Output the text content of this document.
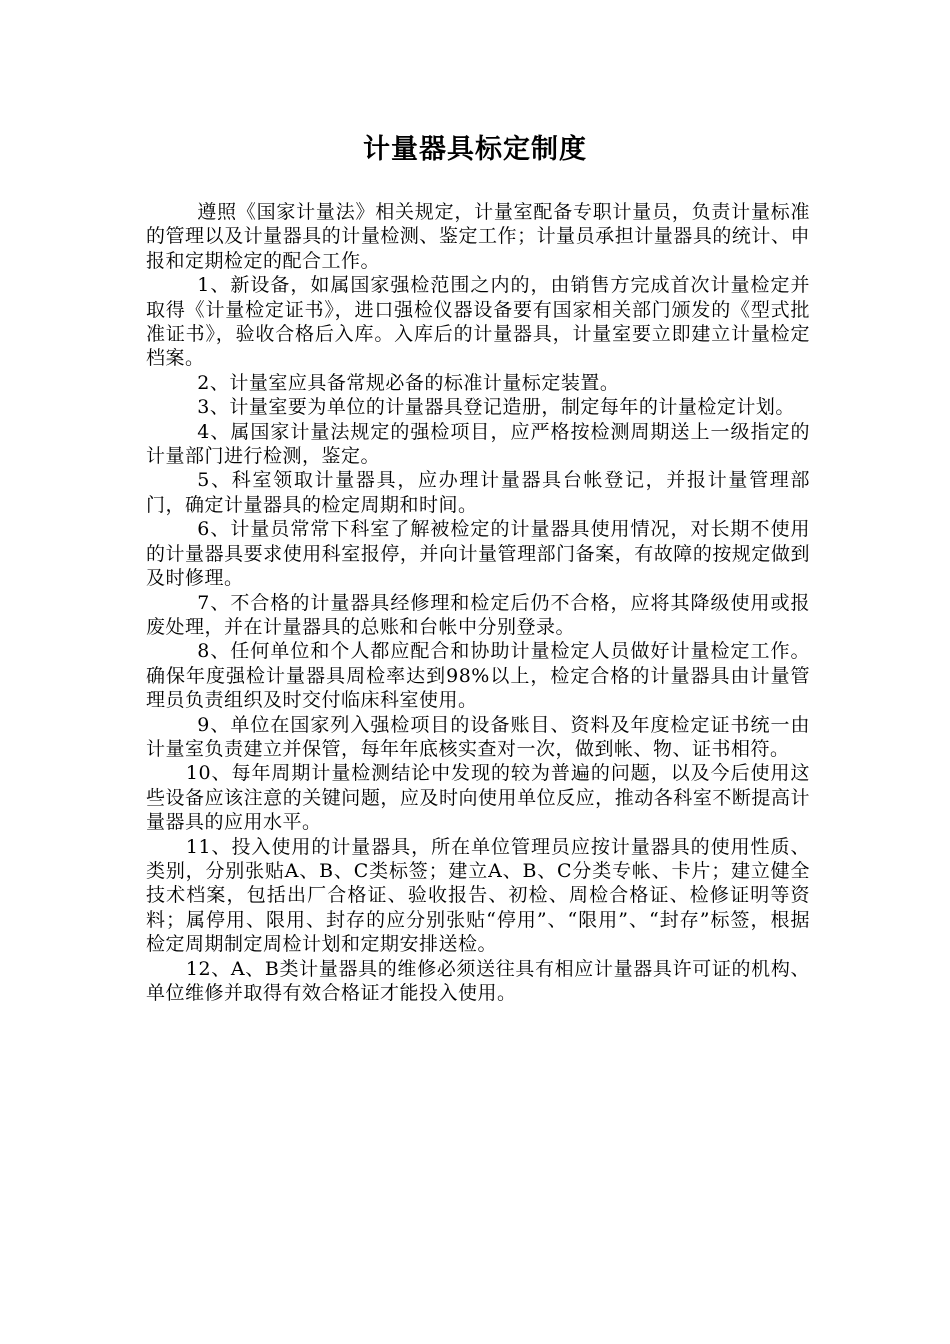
计量器具标定制度

遵照《国家计量法》相关规定，计量室配备专职计量员，负责计量标准的管理以及计量器具的计量检测、鉴定工作；计量员承担计量器具的统计、申报和定期检定的配合工作。

1、新设备，如属国家强检范围之内的，由销售方完成首次计量检定并取得《计量检定证书》，进口强检仪器设备要有国家相关部门颁发的《型式批准证书》，验收合格后入库。入库后的计量器具，计量室要立即建立计量检定档案。

2、计量室应具备常规必备的标准计量标定装置。

3、计量室要为单位的计量器具登记造册，制定每年的计量检定计划。

4、属国家计量法规定的强检项目，应严格按检测周期送上一级指定的计量部门进行检测，鉴定。

5、科室领取计量器具，应办理计量器具台帐登记，并报计量管理部门，确定计量器具的检定周期和时间。

6、计量员常常下科室了解被检定的计量器具使用情况，对长期不使用的计量器具要求使用科室报停，并向计量管理部门备案，有故障的按规定做到及时修理。

7、不合格的计量器具经修理和检定后仍不合格，应将其降级使用或报废处理，并在计量器具的总账和台帐中分别登录。

8、任何单位和个人都应配合和协助计量检定人员做好计量检定工作。确保年度强检计量器具周检率达到98%以上，检定合格的计量器具由计量管理员负责组织及时交付临床科室使用。

9、单位在国家列入强检项目的设备账目、资料及年度检定证书统一由计量室负责建立并保管，每年年底核实查对一次，做到帐、物、证书相符。

10、每年周期计量检测结论中发现的较为普遍的问题，以及今后使用这些设备应该注意的关键问题，应及时向使用单位反应，推动各科室不断提高计量器具的应用水平。

11、投入使用的计量器具，所在单位管理员应按计量器具的使用性质、类别，分别张贴A、B、C类标签；建立A、B、C分类专帐、卡片；建立健全技术档案，包括出厂合格证、验收报告、初检、周检合格证、检修证明等资料；属停用、限用、封存的应分别张贴“停用”、“限用”、“封存”标签，根据检定周期制定周检计划和定期安排送检。

12、A、B类计量器具的维修必须送往具有相应计量器具许可证的机构、单位维修并取得有效合格证才能投入使用。
